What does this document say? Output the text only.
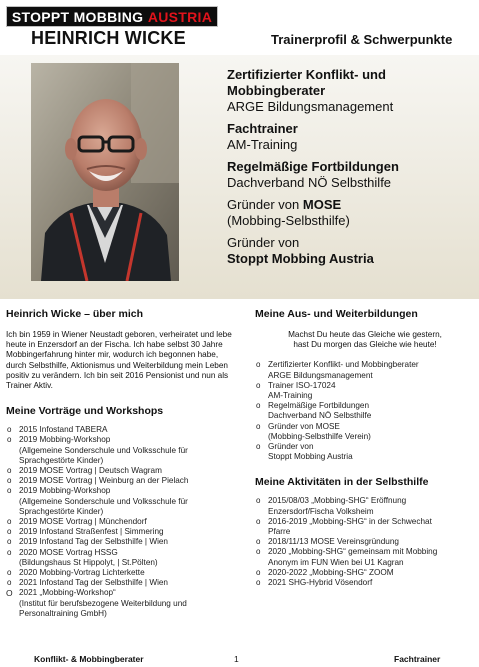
STOPPT MOBBING
AUSTRIA
HEINRICH WICKE	Trainerprofil & Schwerpunkte
Zertifizierter Konflikt- und Mobbingberater
ARGE Bildungsmanagement
Fachtrainer
AM-Training
Regelmäßige Fortbildungen
Dachverband NÖ Selbsthilfe
Gründer von MOSE
(Mobbing-Selbsthilfe)
Gründer von
Stoppt Mobbing Austria
Heinrich Wicke – über mich

Ich bin 1959 in Wiener Neustadt geboren, verheiratet und lebe heute in Enzersdorf an der Fischa. Ich habe selbst 30 Jahre Mobbingerfahrung hinter mir, wodurch ich begonnen habe, durch Selbsthilfe, Aktionismus und Weiterbildung mein Leben positiv zu verändern. Ich bin seit 2016 Pensionist und nun als Trainer Aktiv.

Meine Vorträge und Workshops
o 2015 Infostand TABERA
o 2019 Mobbing-Workshop
(Allgemeine Sonderschule und Volksschule für Sprachgestörte Kinder)
o 2019 MOSE Vortrag | Deutsch Wagram
o 2019 MOSE Vortrag | Weinburg an der Pielach
o 2019 Mobbing-Workshop
(Allgemeine Sonderschule und Volksschule für Sprachgestörte Kinder)
o 2019 MOSE Vortrag | Münchendorf
o 2019 Infostand Straßenfest | Simmering
o 2019 Infostand Tag der Selbsthilfe | Wien
o 2020 MOSE Vortrag HSSG
(Bildungshaus St Hippolyt, | St.Pölten)
o 2020 Mobbing-Vortrag Lichterkette
o 2021 Infostand Tag der Selbsthilfe | Wien
O 2021 „Mobbing-Workshop“
(Institut für berufsbezogene Weiterbildung und Personaltraining GmbH)
Meine Aus- und Weiterbildungen
Machst Du heute das Gleiche wie gestern,
hast Du morgen das Gleiche wie heute!
o Zertifizierter Konflikt- und Mobbingberater
ARGE Bildungsmanagement
o Trainer ISO-17024
AM-Training
o Regelmäßige Fortbildungen
Dachverband NÖ Selbsthilfe
o Gründer von MOSE
(Mobbing-Selbsthilfe Verein)
o Gründer von
Stoppt Mobbing Austria
Meine Aktivitäten in der Selbsthilfe
o 2015/08/03 „Mobbing-SHG“ Eröffnung
Enzersdorf/Fischa Volksheim
o 2016-2019 „Mobbing-SHG“ in der Schwechat
Pfarre
o 2018/11/13 MOSE Vereinsgründung
o 2020 „Mobbing-SHG“ gemeinsam mit Mobbing
Anonym im FUN Wien bei U1 Kagran
o 2020-2022 „Mobbing-SHG“ ZOOM
o 2021 SHG-Hybrid Vösendorf
Konflikt- & Mobbingberater	1	Fachtrainer
